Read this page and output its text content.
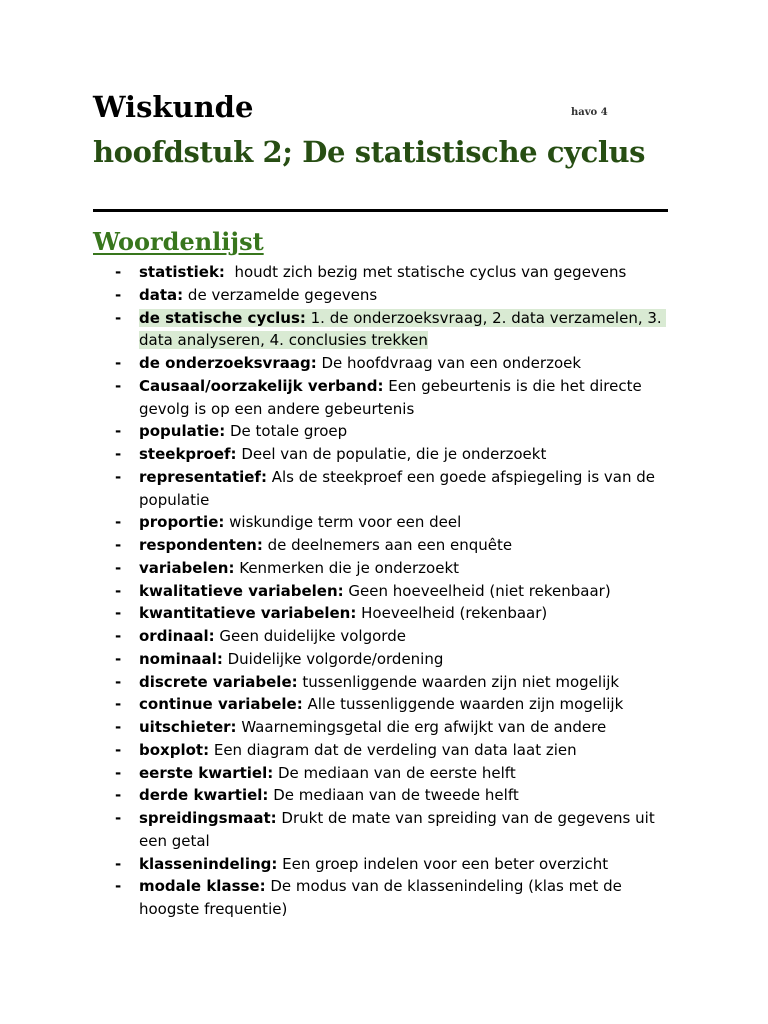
Wiskunde	havo 4
hoofdstuk 2; De statistische cyclus
Woordenlijst
- statistiek:  houdt zich bezig met statische cyclus van gegevens
- data: de verzamelde gegevens
- de statische cyclus: 1. de onderzoeksvraag, 2. data verzamelen, 3. data analyseren, 4. conclusies trekken
- de onderzoeksvraag: De hoofdvraag van een onderzoek
- Causaal/oorzakelijk verband: Een gebeurtenis is die het directe gevolg is op een andere gebeurtenis
- populatie: De totale groep
- steekproef: Deel van de populatie, die je onderzoekt
- representatief: Als de steekproef een goede afspiegeling is van de populatie
- proportie: wiskundige term voor een deel
- respondenten: de deelnemers aan een enquête
- variabelen: Kenmerken die je onderzoekt
- kwalitatieve variabelen: Geen hoeveelheid (niet rekenbaar)
- kwantitatieve variabelen: Hoeveelheid (rekenbaar)
- ordinaal: Geen duidelijke volgorde
- nominaal: Duidelijke volgorde/ordening
- discrete variabele: tussenliggende waarden zijn niet mogelijk
- continue variabele: Alle tussenliggende waarden zijn mogelijk
- uitschieter: Waarnemingsgetal die erg afwijkt van de andere
- boxplot: Een diagram dat de verdeling van data laat zien
- eerste kwartiel: De mediaan van de eerste helft
- derde kwartiel: De mediaan van de tweede helft
- spreidingsmaat: Drukt de mate van spreiding van de gegevens uit een getal
- klassenindeling: Een groep indelen voor een beter overzicht
- modale klasse: De modus van de klassenindeling (klas met de hoogste frequentie)
